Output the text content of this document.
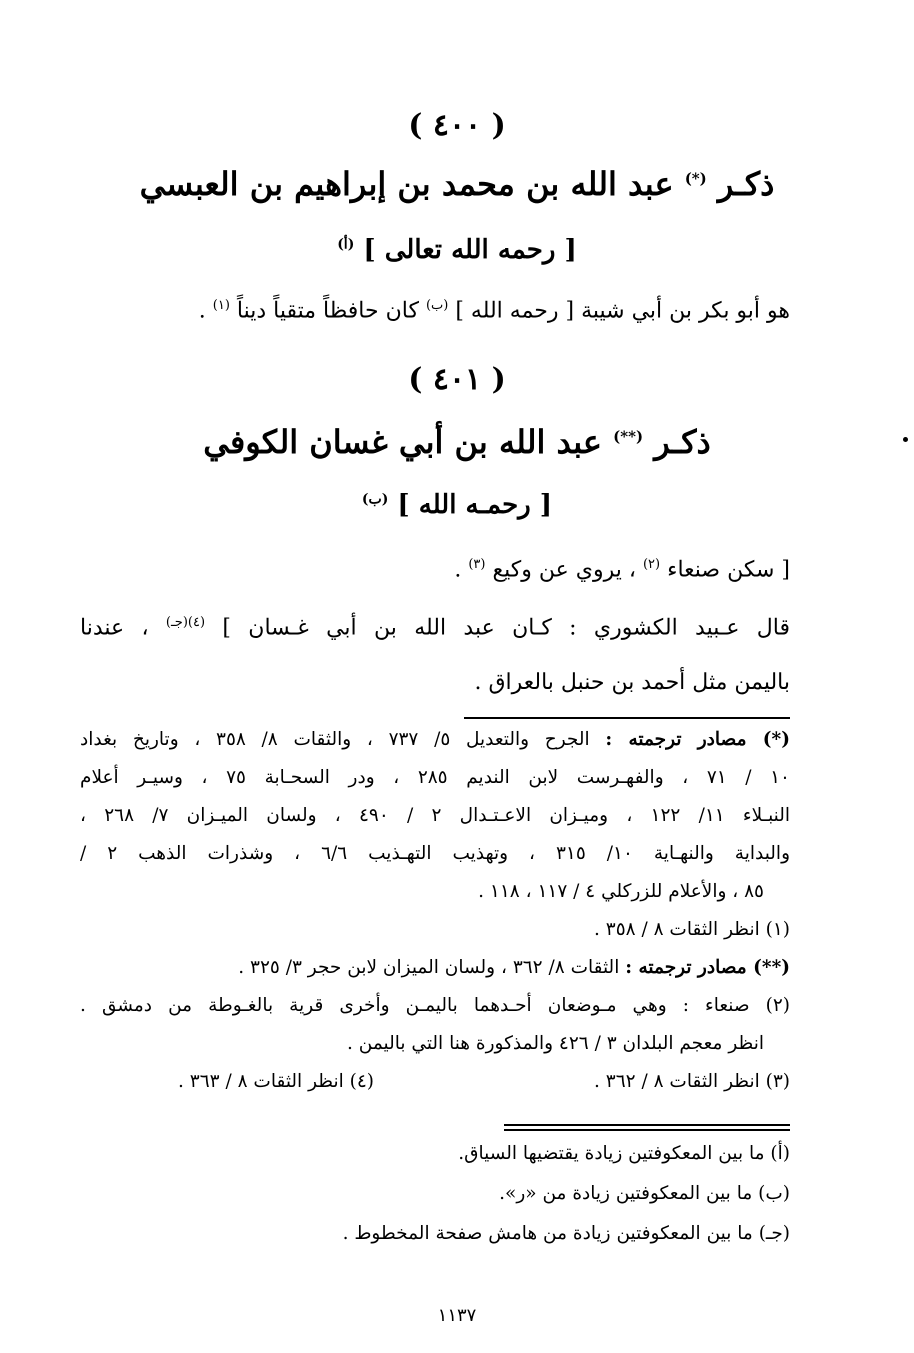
( ٤٠٠ )
ذكـر (*) عبد الله بن محمد بن إبراهيم بن العبسي
[ رحمه الله تعالى ] $^{(أ)}$
هو أبو بكر بن أبي شيبة [ رحمه الله ] $^{(ب)}$ كان حافظاً متقياً ديناً $^{(١)}$ .
( ٤٠١ )
ذكـر (**) عبد الله بن أبي غسان الكوفي
[ رحمـه الله ] $^{(ب)}$
[ سكن صنعاء $^{(٢)}$ ، يروي عن وكيع $^{(٣)}$ .
قال عـبيد الكشوري : كـان عبد الله بن أبي غـسان ] $^{(٤)(جـ)}$ ، عندنا
باليمن مثل أحمد بن حنبل بالعراق .
(*) مصادر ترجمته : الجرح والتعديل ٥/ ٧٣٧ ، والثقات ٨/ ٣٥٨ ، وتاريخ بغداد
١٠ / ٧١ ، والفهـرست لابن النديم ٢٨٥ ، ودر السحـابة ٧٥ ، وسيـر أعلام
النبـلاء ١١/ ١٢٢ ، وميـزان الاعـتـدال ٢ / ٤٩٠ ، ولسان الميـزان ٧/ ٢٦٨ ،
والبداية والنهـاية ١٠/ ٣١٥ ، وتهذيب التهـذيب ٦/٦ ، وشذرات الذهب ٢ /
٨٥ ، والأعلام للزركلي ٤ / ١١٧ ، ١١٨ .
(١) انظر الثقات ٨ / ٣٥٨ .
(**) مصادر ترجمته : الثقات ٨/ ٣٦٢ ، ولسان الميزان لابن حجر ٣/ ٣٢٥ .
(٢) صنعاء : وهي مـوضعان أحـدهما باليمـن وأخرى قرية بالغـوطة من دمشق .
انظر معجم البلدان ٣ / ٤٢٦ والمذكورة هنا التي باليمن .
(٣) انظر الثقات ٨ / ٣٦٢ .
(٤) انظر الثقات ٨ / ٣٦٣ .
(أ) ما بين المعكوفتين زيادة يقتضيها السياق.
(ب) ما بين المعكوفتين زيادة من «ر».
(جـ) ما بين المعكوفتين زيادة من هامش صفحة المخطوط .
١١٣٧
